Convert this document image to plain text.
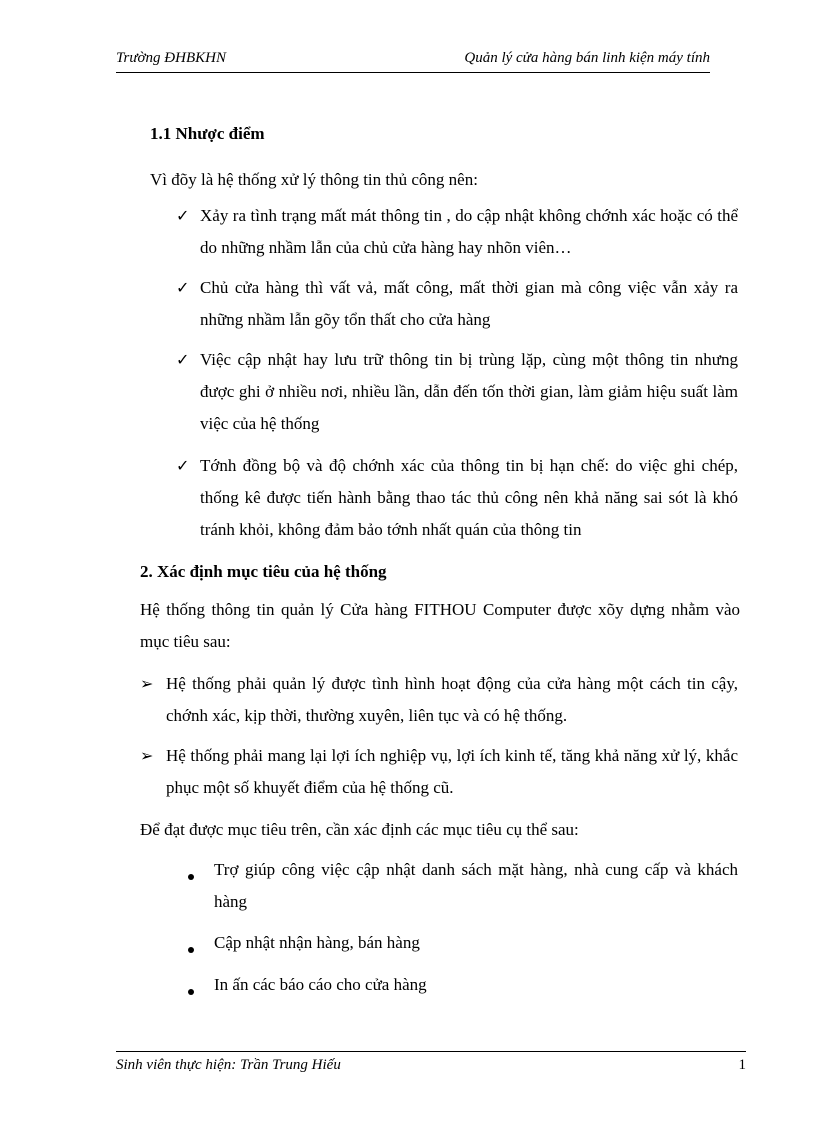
Trường ĐHBKHN	Quản lý cửa hàng bán linh kiện máy tính
1.1 Nhược điểm
Vì đõy là hệ thống xử lý thông tin thủ công nên:
✓ Xảy ra tình trạng mất mát thông tin , do cập nhật không chớnh xác hoặc có thể do những nhầm lẫn của chủ cửa hàng hay nhõn viên…
✓ Chủ cửa hàng thì vất vả, mất công, mất thời gian mà công việc vẫn xảy ra những nhầm lẫn gõy tổn thất cho cửa hàng
✓ Việc cập nhật hay lưu trữ thông tin bị trùng lặp, cùng một thông tin nhưng được ghi ở nhiều nơi, nhiều lần, dẫn đến tốn thời gian, làm giảm hiệu suất làm việc của hệ thống
✓ Tớnh đồng bộ và độ chớnh xác của thông tin bị hạn chế: do việc ghi chép, thống kê được tiến hành bằng thao tác thủ công nên khả năng sai sót là khó tránh khỏi, không đảm bảo tớnh nhất quán của thông tin
2. Xác định mục tiêu của hệ thống
Hệ thống thông tin quản lý Cửa hàng FITHOU Computer được xõy dựng nhằm vào mục tiêu sau:
➢ Hệ thống phải quản lý được tình hình hoạt động của cửa hàng một cách tin cậy, chớnh xác, kịp thời, thường xuyên, liên tục và có hệ thống.
➢ Hệ thống phải mang lại lợi ích nghiệp vụ, lợi ích kinh tế, tăng khả năng xử lý, khắc phục một số khuyết điểm của hệ thống cũ.
Để đạt được mục tiêu trên, cần xác định các mục tiêu cụ thể sau:
Trợ giúp công việc cập nhật danh sách mặt hàng, nhà cung cấp và khách hàng
Cập nhật nhận hàng, bán hàng
In ấn các báo cáo cho cửa hàng
Sinh viên thực hiện: Trần Trung Hiếu	1
